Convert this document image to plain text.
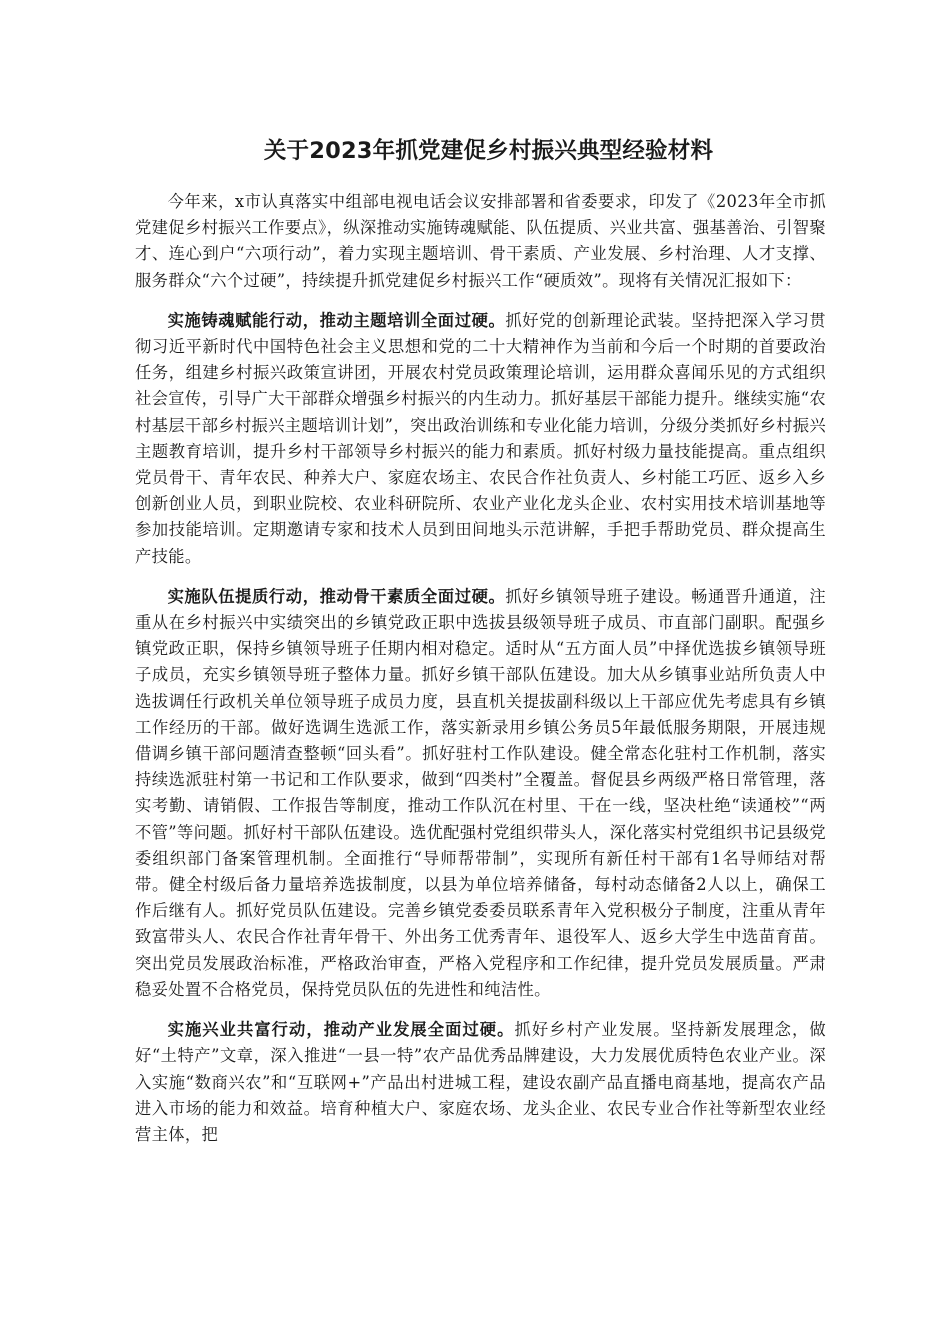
关于2023年抓党建促乡村振兴典型经验材料

今年来，x市认真落实中组部电视电话会议安排部署和省委要求，印发了《2023年全市抓党建促乡村振兴工作要点》，纵深推动实施铸魂赋能、队伍提质、兴业共富、强基善治、引智聚才、连心到户“六项行动”，着力实现主题培训、骨干素质、产业发展、乡村治理、人才支撑、服务群众“六个过硬”，持续提升抓党建促乡村振兴工作“硬质效”。现将有关情况汇报如下：

实施铸魂赋能行动，推动主题培训全面过硬。抓好党的创新理论武装。坚持把深入学习贯彻习近平新时代中国特色社会主义思想和党的二十大精神作为当前和今后一个时期的首要政治任务，组建乡村振兴政策宣讲团，开展农村党员政策理论培训，运用群众喜闻乐见的方式组织社会宣传，引导广大干部群众增强乡村振兴的内生动力。抓好基层干部能力提升。继续实施“农村基层干部乡村振兴主题培训计划”，突出政治训练和专业化能力培训，分级分类抓好乡村振兴主题教育培训，提升乡村干部领导乡村振兴的能力和素质。抓好村级力量技能提高。重点组织党员骨干、青年农民、种养大户、家庭农场主、农民合作社负责人、乡村能工巧匠、返乡入乡创新创业人员，到职业院校、农业科研院所、农业产业化龙头企业、农村实用技术培训基地等参加技能培训。定期邀请专家和技术人员到田间地头示范讲解，手把手帮助党员、群众提高生产技能。

实施队伍提质行动，推动骨干素质全面过硬。抓好乡镇领导班子建设。畅通晋升通道，注重从在乡村振兴中实绩突出的乡镇党政正职中选拔县级领导班子成员、市直部门副职。配强乡镇党政正职，保持乡镇领导班子任期内相对稳定。适时从“五方面人员”中择优选拔乡镇领导班子成员，充实乡镇领导班子整体力量。抓好乡镇干部队伍建设。加大从乡镇事业站所负责人中选拔调任行政机关单位领导班子成员力度，县直机关提拔副科级以上干部应优先考虑具有乡镇工作经历的干部。做好选调生选派工作，落实新录用乡镇公务员5年最低服务期限，开展违规借调乡镇干部问题清查整顿“回头看”。抓好驻村工作队建设。健全常态化驻村工作机制，落实持续选派驻村第一书记和工作队要求，做到“四类村”全覆盖。督促县乡两级严格日常管理，落实考勤、请销假、工作报告等制度，推动工作队沉在村里、干在一线，坚决杜绝“读通校”“两不管”等问题。抓好村干部队伍建设。选优配强村党组织带头人，深化落实村党组织书记县级党委组织部门备案管理机制。全面推行“导师帮带制”，实现所有新任村干部有1名导师结对帮带。健全村级后备力量培养选拔制度，以县为单位培养储备，每村动态储备2人以上，确保工作后继有人。抓好党员队伍建设。完善乡镇党委委员联系青年入党积极分子制度，注重从青年致富带头人、农民合作社青年骨干、外出务工优秀青年、退役军人、返乡大学生中选苗育苗。突出党员发展政治标准，严格政治审查，严格入党程序和工作纪律，提升党员发展质量。严肃稳妥处置不合格党员，保持党员队伍的先进性和纯洁性。

实施兴业共富行动，推动产业发展全面过硬。抓好乡村产业发展。坚持新发展理念，做好“土特产”文章，深入推进“一县一特”农产品优秀品牌建设，大力发展优质特色农业产业。深入实施“数商兴农”和“互联网+”产品出村进城工程，建设农副产品直播电商基地，提高农产品进入市场的能力和效益。培育种植大户、家庭农场、龙头企业、农民专业合作社等新型农业经营主体，把
